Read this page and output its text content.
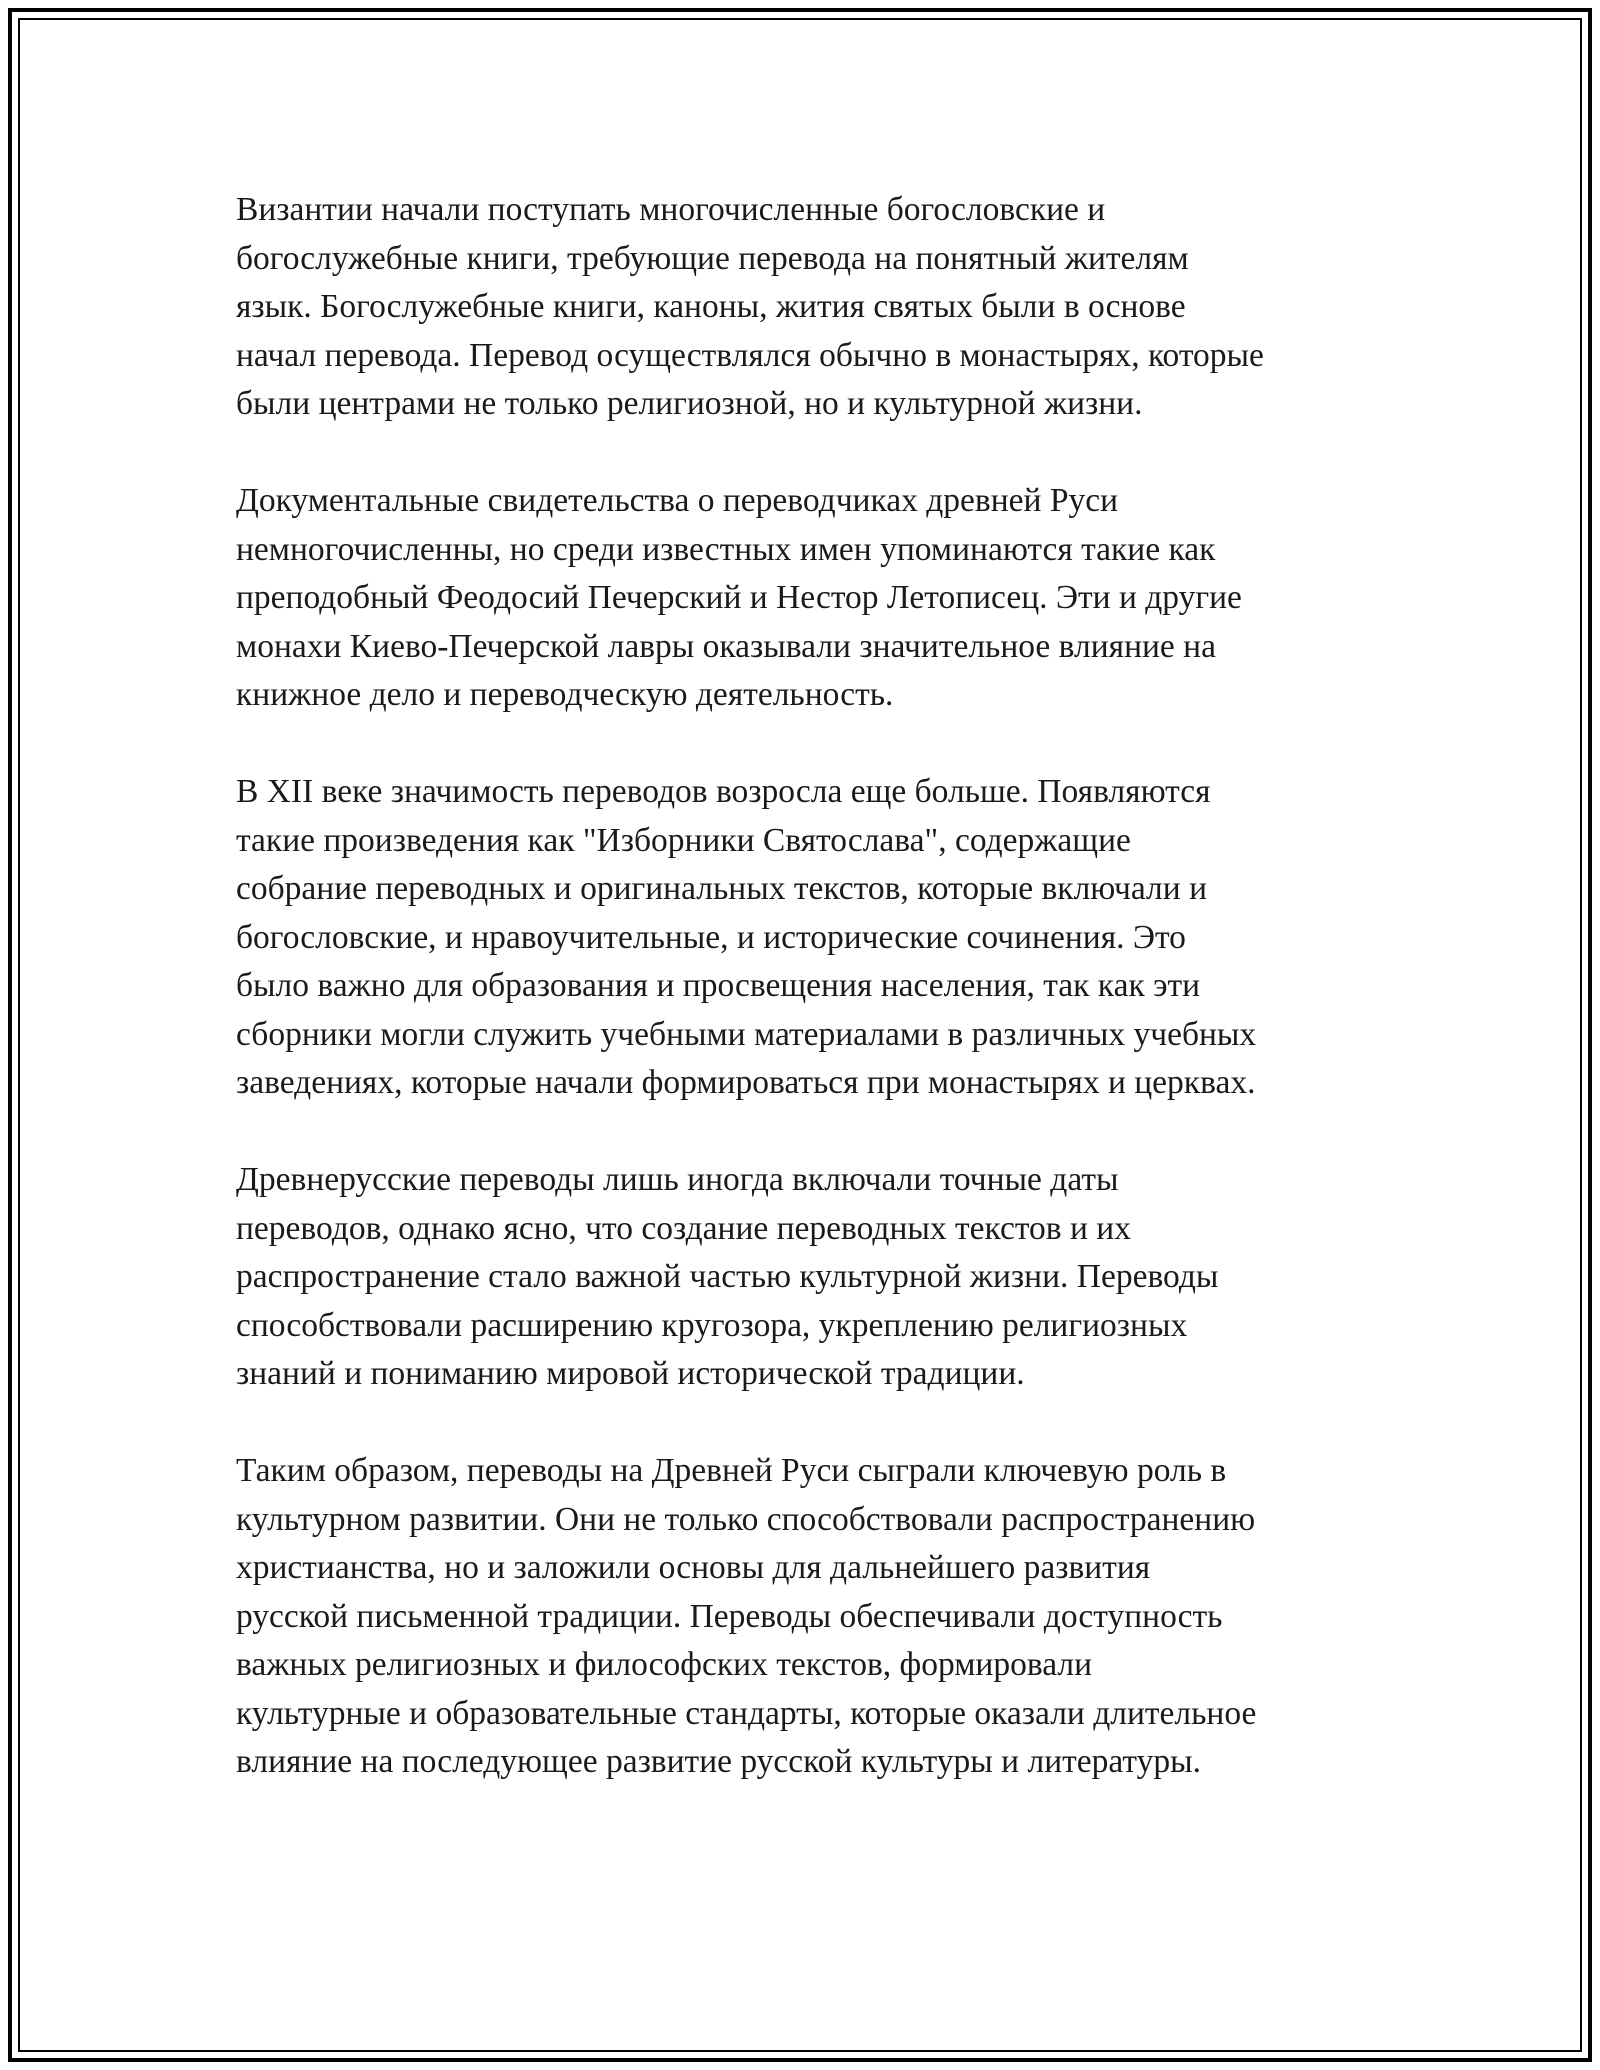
Византии начали поступать многочисленные богословские и
богослужебные книги, требующие перевода на понятный жителям
язык. Богослужебные книги, каноны, жития святых были в основе
начал перевода. Перевод осуществлялся обычно в монастырях, которые
были центрами не только религиозной, но и культурной жизни.

Документальные свидетельства о переводчиках древней Руси
немногочисленны, но среди известных имен упоминаются такие как
преподобный Феодосий Печерский и Нестор Летописец. Эти и другие
монахи Киево-Печерской лавры оказывали значительное влияние на
книжное дело и переводческую деятельность.

В XII веке значимость переводов возросла еще больше. Появляются
такие произведения как "Изборники Святослава", содержащие
собрание переводных и оригинальных текстов, которые включали и
богословские, и нравоучительные, и исторические сочинения. Это
было важно для образования и просвещения населения, так как эти
сборники могли служить учебными материалами в различных учебных
заведениях, которые начали формироваться при монастырях и церквах.

Древнерусские переводы лишь иногда включали точные даты
переводов, однако ясно, что создание переводных текстов и их
распространение стало важной частью культурной жизни. Переводы
способствовали расширению кругозора, укреплению религиозных
знаний и пониманию мировой исторической традиции.

Таким образом, переводы на Древней Руси сыграли ключевую роль в
культурном развитии. Они не только способствовали распространению
христианства, но и заложили основы для дальнейшего развития
русской письменной традиции. Переводы обеспечивали доступность
важных религиозных и философских текстов, формировали
культурные и образовательные стандарты, которые оказали длительное
влияние на последующее развитие русской культуры и литературы.
